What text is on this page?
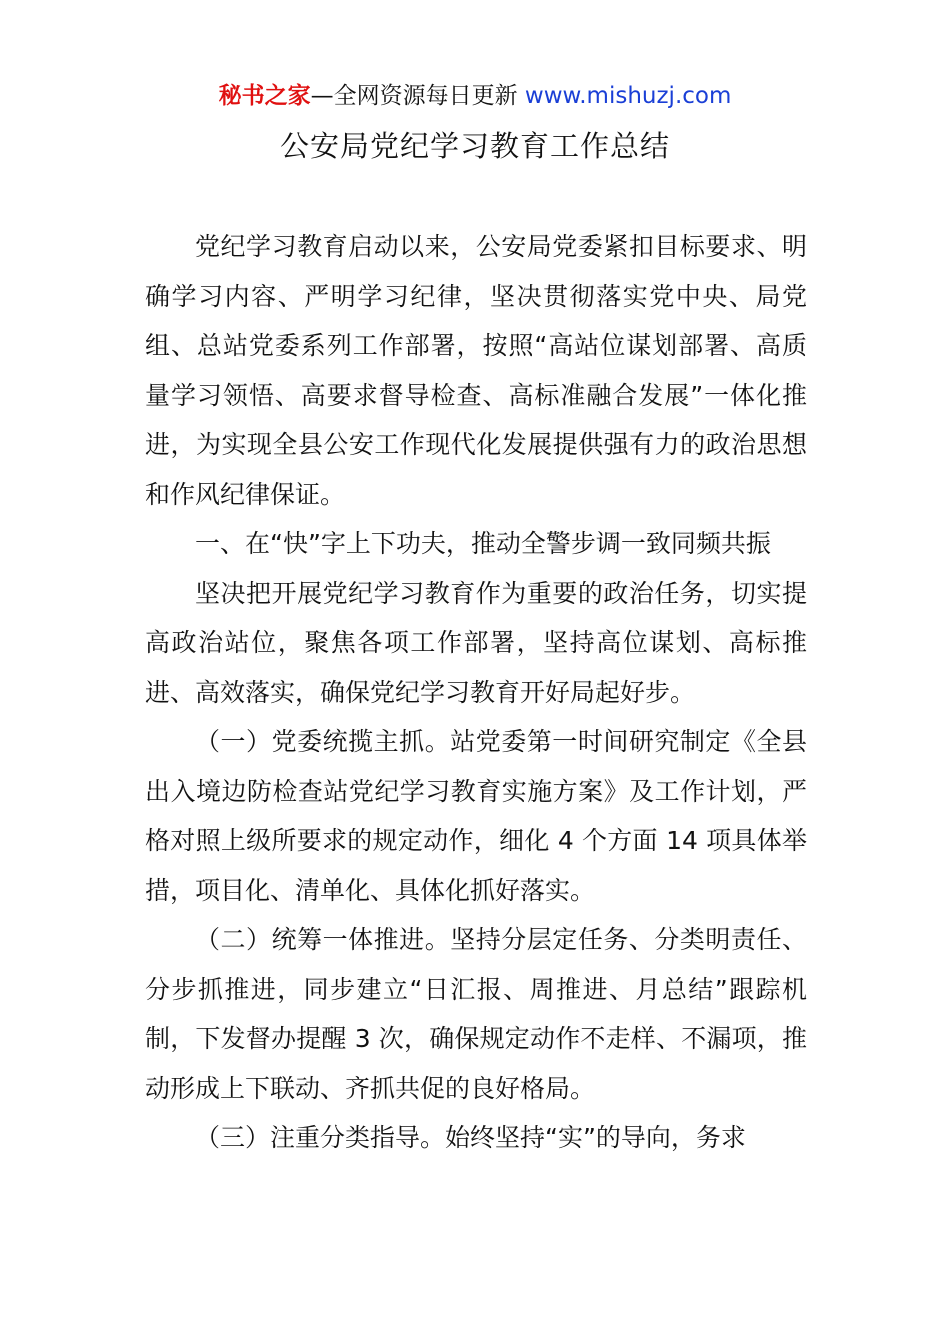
秘书之家—全网资源每日更新 www.mishuzj.com
公安局党纪学习教育工作总结

党纪学习教育启动以来，公安局党委紧扣目标要求、明确学习内容、严明学习纪律，坚决贯彻落实党中央、局党组、总站党委系列工作部署，按照“高站位谋划部署、高质量学习领悟、高要求督导检查、高标准融合发展”一体化推进，为实现全县公安工作现代化发展提供强有力的政治思想和作风纪律保证。

一、在“快”字上下功夫，推动全警步调一致同频共振

坚决把开展党纪学习教育作为重要的政治任务，切实提高政治站位，聚焦各项工作部署，坚持高位谋划、高标推进、高效落实，确保党纪学习教育开好局起好步。

（一）党委统揽主抓。站党委第一时间研究制定《全县出入境边防检查站党纪学习教育实施方案》及工作计划，严格对照上级所要求的规定动作，细化 4 个方面 14 项具体举措，项目化、清单化、具体化抓好落实。

（二）统筹一体推进。坚持分层定任务、分类明责任、分步抓推进，同步建立“日汇报、周推进、月总结”跟踪机制，下发督办提醒 3 次，确保规定动作不走样、不漏项，推动形成上下联动、齐抓共促的良好格局。

（三）注重分类指导。始终坚持“实”的导向，务求
